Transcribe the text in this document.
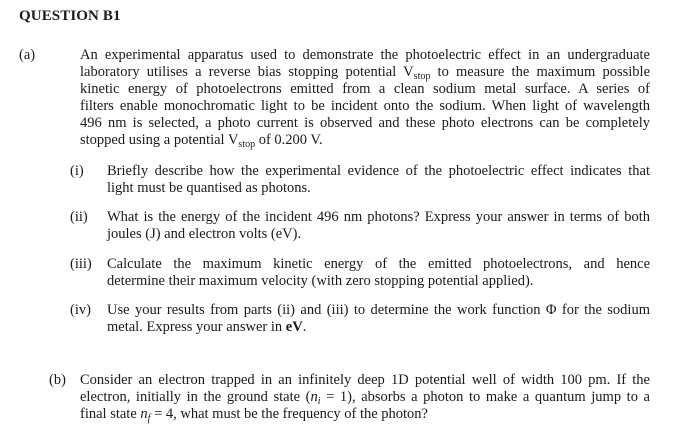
QUESTION B1
(a)	An experimental apparatus used to demonstrate the photoelectric effect in an undergraduate
laboratory utilises a reverse bias stopping potential $V_{stop}$ to measure the maximum possible
kinetic energy of photoelectrons emitted from a clean sodium metal surface. A series of
filters enable monochromatic light to be incident onto the sodium. When light of wavelength
496 nm is selected, a photo current is observed and these photo electrons can be completely
stopped using a potential $V_{stop}$ of 0.200 V.
(i) Briefly describe how the experimental evidence of the photoelectric effect indicates that
light must be quantised as photons.
(ii) What is the energy of the incident 496 nm photons? Express your answer in terms of both
joules (J) and electron volts (eV).
(iii) Calculate the maximum kinetic energy of the emitted photoelectrons, and hence
determine their maximum velocity (with zero stopping potential applied).
(iv) Use your results from parts (ii) and (iii) to determine the work function Φ for the sodium
metal. Express your answer in eV.
(b) Consider an electron trapped in an infinitely deep 1D potential well of width 100 pm. If the
electron, initially in the ground state $(n_i = 1)$, absorbs a photon to make a quantum jump to a
final state $n_f = 4$, what must be the frequency of the photon?
